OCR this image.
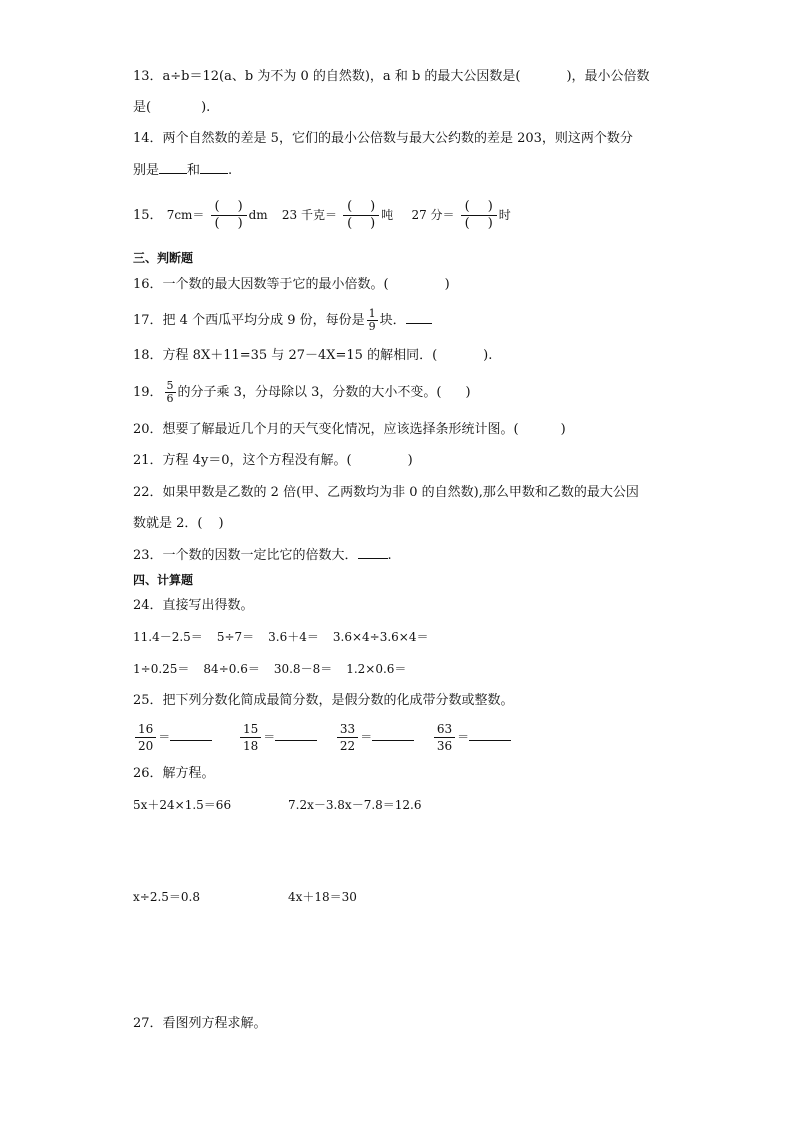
13．a÷b＝12(a、b 为不为 0 的自然数)，a 和 b 的最大公因数是(	)，最小公倍数
是(	).
14．两个自然数的差是 5，它们的最小公倍数与最大公约数的差是 203，则这两个数分
别是 和 .
15． $7cm= \frac{( )}{( )}$ dm 23 千克＝ $\frac{( )}{( )}$ 吨 27 分＝ $\frac{( )}{( )}$ 时
三、判断题
16．一个数的最大因数等于它的最小倍数。(	)
17．把 4 个西瓜平均分成 9 份，每份是 $\frac{1}{9}$ 块．
18．方程 8X＋11=35 与 27－4X=15 的解相同．(	).
19． $\frac{5}{6}$ 的分子乘 3，分母除以 3，分数的大小不变。( )
20．想要了解最近几个月的天气变化情况，应该选择条形统计图。(	)
21．方程 4y＝0，这个方程没有解。(	)
22．如果甲数是乙数的 2 倍(甲、乙两数均为非 0 的自然数),那么甲数和乙数的最大公因
数就是 2．( )
23．一个数的因数一定比它的倍数大． .
四、计算题
24．直接写出得数。
11.4－2.5＝ 5÷7＝ 3.6＋4＝ 3.6×4÷3.6×4＝
1÷0.25＝ 84÷0.6＝ 30.8－8＝ 1.2×0.6＝
25．把下列分数化简成最简分数，是假分数的化成带分数或整数。
$\frac{16}{20}$ ＝	$\frac{15}{18}$ ＝	$\frac{33}{22}$ ＝	$\frac{63}{36}$ ＝
26．解方程。
5x＋24×1.5＝66	7.2x－3.8x－7.8＝12.6
x÷2.5＝0.8	4x＋18＝30
27．看图列方程求解。
